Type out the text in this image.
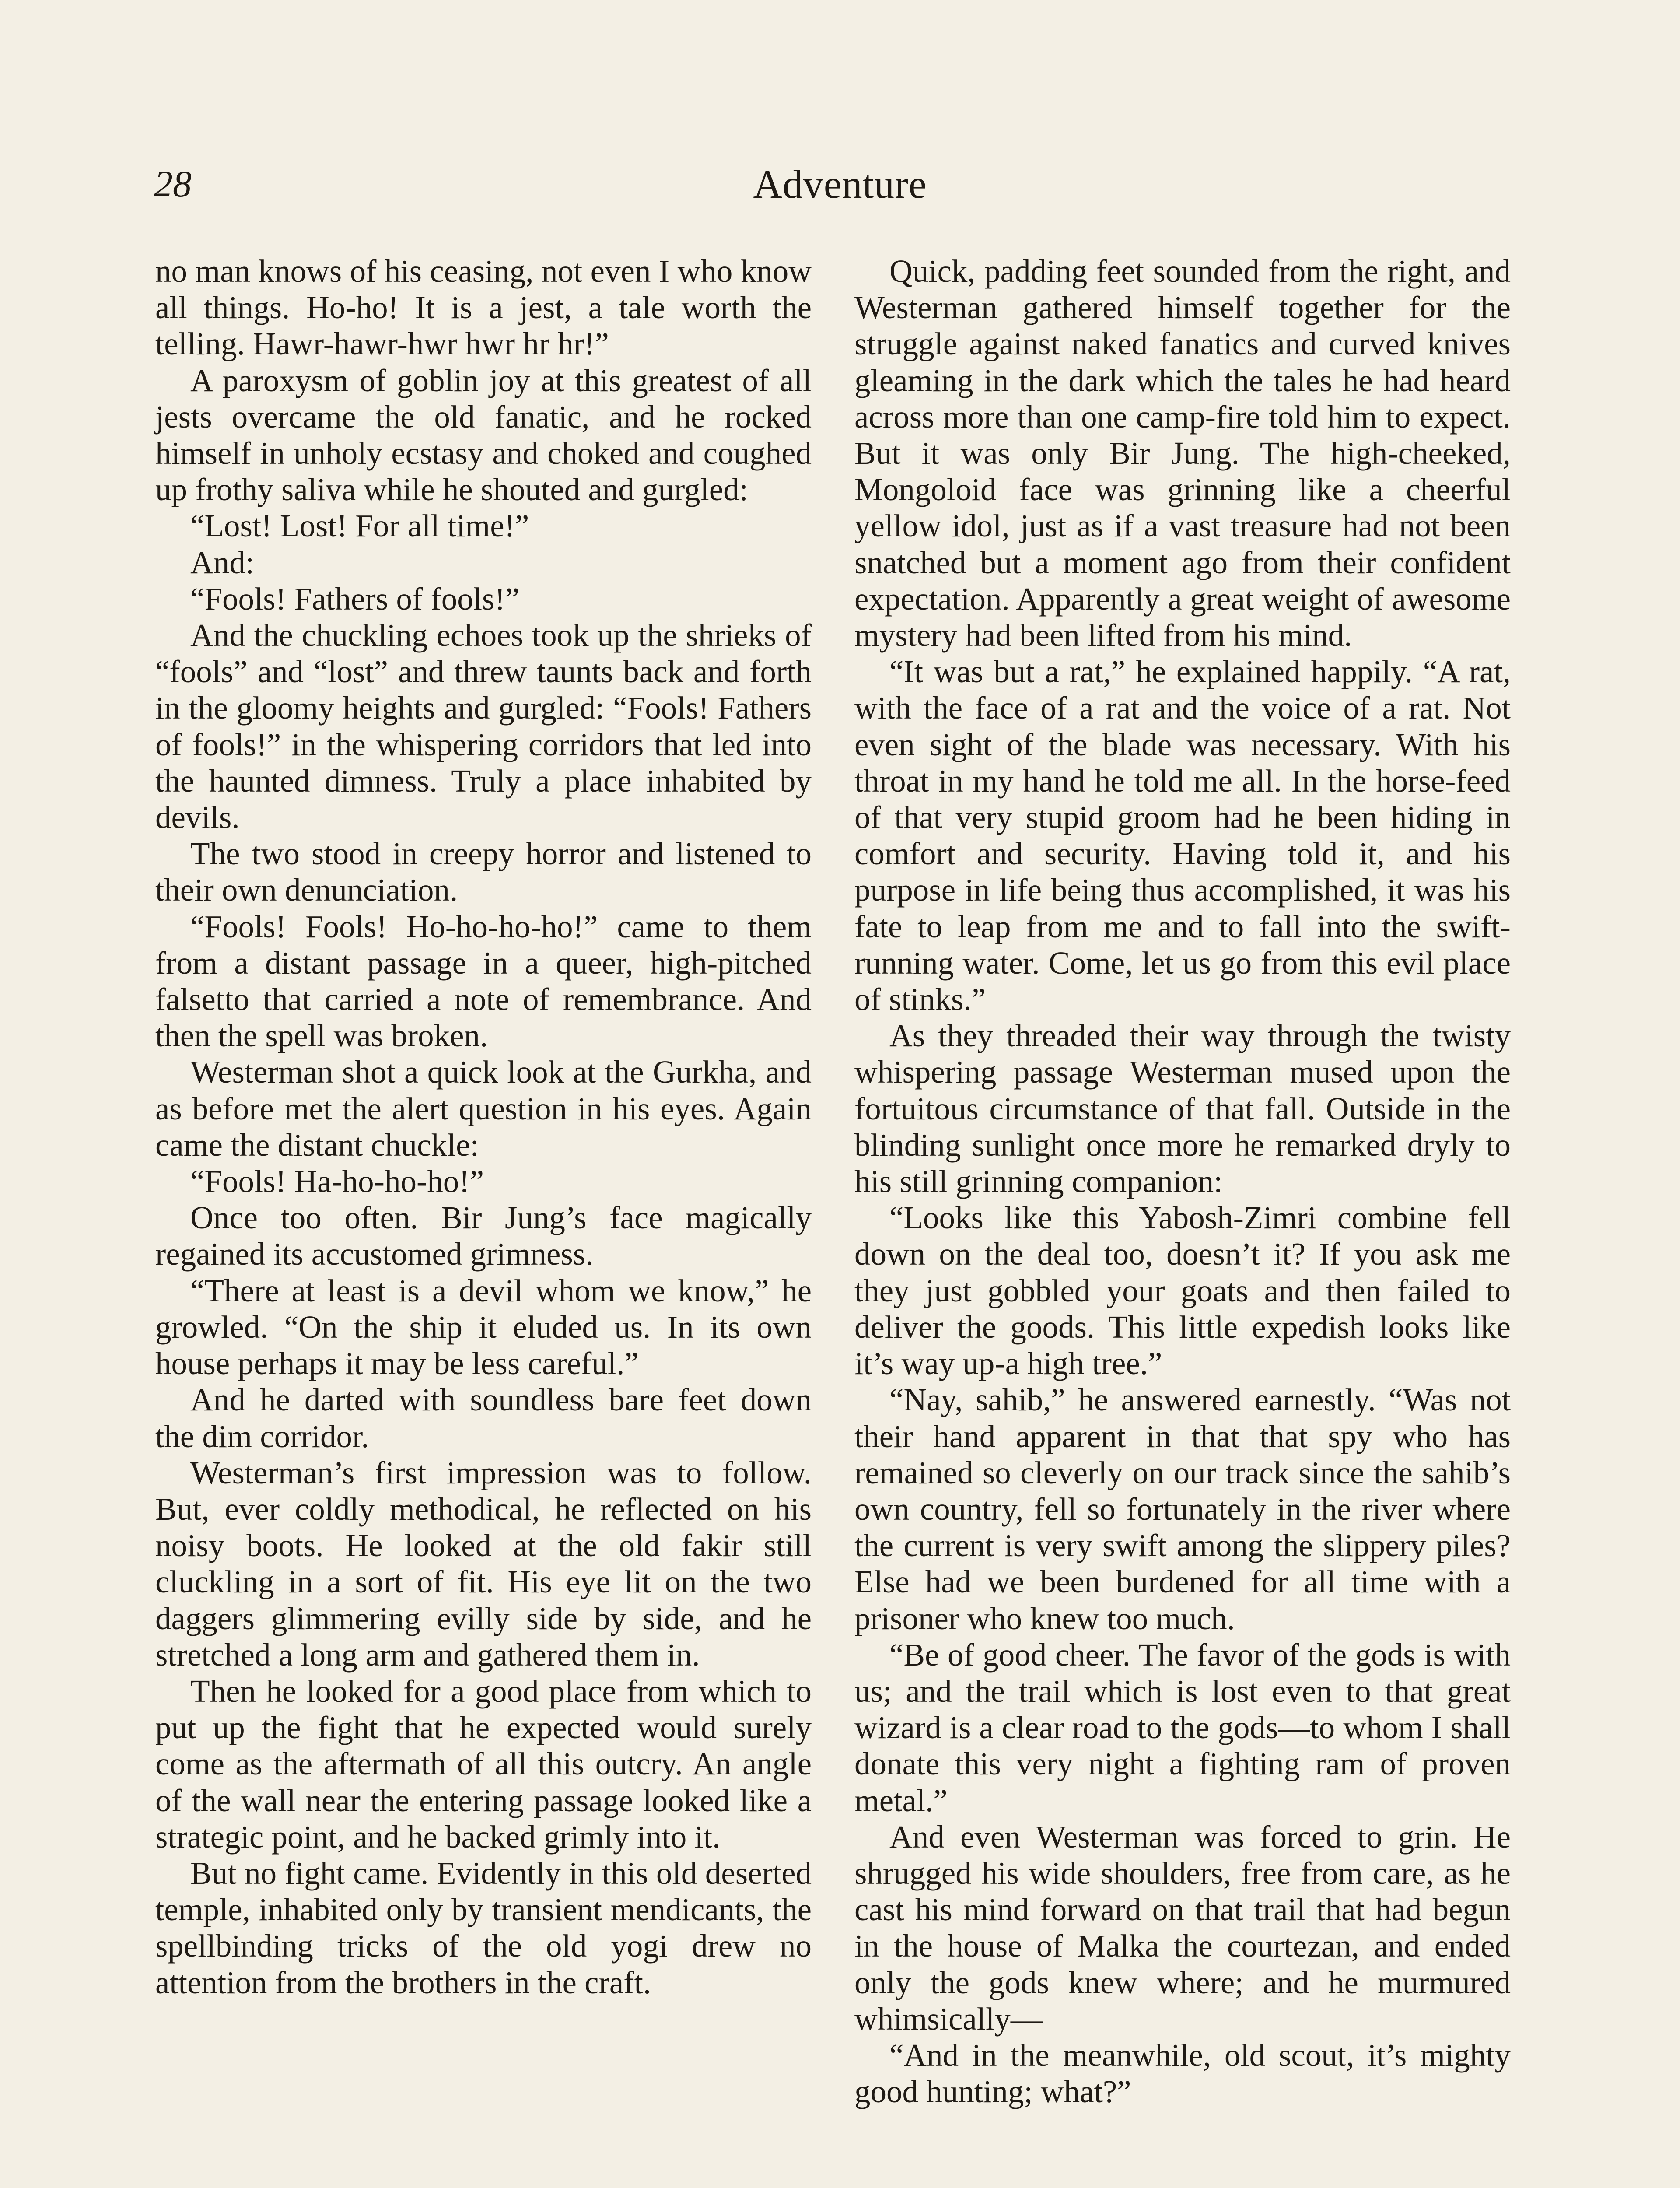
28	Adventure

no man knows of his ceasing, not even I who know all things. Ho-ho! It is a jest, a tale worth the telling. Hawr-hawr-hwr hwr hr hr!”

A paroxysm of goblin joy at this greatest of all jests overcame the old fanatic, and he rocked himself in unholy ecstasy and choked and coughed up frothy saliva while he shouted and gurgled:

“Lost! Lost! For all time!”

And:

“Fools! Fathers of fools!”

And the chuckling echoes took up the shrieks of “fools” and “lost” and threw taunts back and forth in the gloomy heights and gurgled: “Fools! Fathers of fools!” in the whispering corridors that led into the haunted dimness. Truly a place inhabited by devils.

The two stood in creepy horror and listened to their own denunciation.

“Fools! Fools! Ho-ho-ho-ho!” came to them from a distant passage in a queer, high-pitched falsetto that carried a note of remembrance. And then the spell was broken.

Westerman shot a quick look at the Gurkha, and as before met the alert question in his eyes. Again came the distant chuckle:

“Fools! Ha-ho-ho-ho!”

Once too often. Bir Jung’s face magically regained its accustomed grimness.

“There at least is a devil whom we know,” he growled. “On the ship it eluded us. In its own house perhaps it may be less careful.”

And he darted with soundless bare feet down the dim corridor.

Westerman’s first impression was to follow. But, ever coldly methodical, he reflected on his noisy boots. He looked at the old fakir still cluckling in a sort of fit. His eye lit on the two daggers glimmering evilly side by side, and he stretched a long arm and gathered them in.

Then he looked for a good place from which to put up the fight that he expected would surely come as the aftermath of all this outcry. An angle of the wall near the entering passage looked like a strategic point, and he backed grimly into it.

But no fight came. Evidently in this old deserted temple, inhabited only by transient mendicants, the spellbinding tricks of the old yogi drew no attention from the brothers in the craft.

Quick, padding feet sounded from the right, and Westerman gathered himself together for the struggle against naked fanatics and curved knives gleaming in the dark which the tales he had heard across more than one camp-fire told him to expect. But it was only Bir Jung. The high-cheeked, Mongoloid face was grinning like a cheerful yellow idol, just as if a vast treasure had not been snatched but a moment ago from their confident expectation. Apparently a great weight of awesome mystery had been lifted from his mind.

“It was but a rat,” he explained happily. “A rat, with the face of a rat and the voice of a rat. Not even sight of the blade was necessary. With his throat in my hand he told me all. In the horse-feed of that very stupid groom had he been hiding in comfort and security. Having told it, and his purpose in life being thus accomplished, it was his fate to leap from me and to fall into the swift-running water. Come, let us go from this evil place of stinks.”

As they threaded their way through the twisty whispering passage Westerman mused upon the fortuitous circumstance of that fall. Outside in the blinding sunlight once more he remarked dryly to his still grinning companion:

“Looks like this Yabosh-Zimri combine fell down on the deal too, doesn’t it? If you ask me they just gobbled your goats and then failed to deliver the goods. This little expedish looks like it’s way up-a high tree.”

“Nay, sahib,” he answered earnestly. “Was not their hand apparent in that that spy who has remained so cleverly on our track since the sahib’s own country, fell so fortunately in the river where the current is very swift among the slippery piles? Else had we been burdened for all time with a prisoner who knew too much.

“Be of good cheer. The favor of the gods is with us; and the trail which is lost even to that great wizard is a clear road to the gods—to whom I shall donate this very night a fighting ram of proven metal.”

And even Westerman was forced to grin. He shrugged his wide shoulders, free from care, as he cast his mind forward on that trail that had begun in the house of Malka the courtezan, and ended only the gods knew where; and he murmured whimsically—

“And in the meanwhile, old scout, it’s mighty good hunting; what?”
